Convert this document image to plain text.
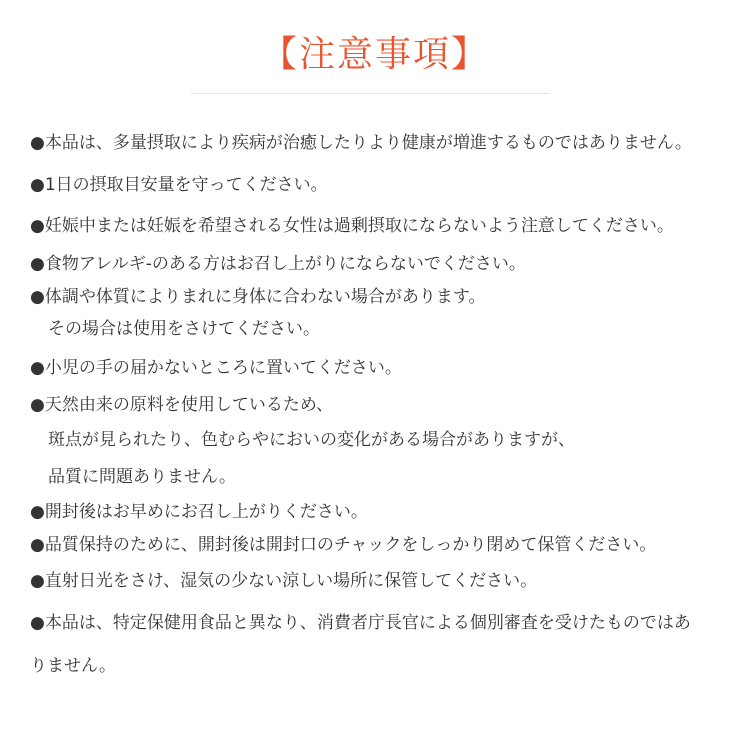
【注意事項】
●本品は、多量摂取により疾病が治癒したりより健康が増進するものではありません。
●1日の摂取目安量を守ってください。
●妊娠中または妊娠を希望される女性は過剰摂取にならないよう注意してください。
●食物アレルギ-のある方はお召し上がりにならないでください。
●体調や体質によりまれに身体に合わない場合があります。
その場合は使用をさけてください。
●小児の手の届かないところに置いてください。
●天然由来の原料を使用しているため、
斑点が見られたり、色むらやにおいの変化がある場合がありますが、
品質に問題ありません。
●開封後はお早めにお召し上がりください。
●品質保持のために、開封後は開封口のチャックをしっかり閉めて保管ください。
●直射日光をさけ、湿気の少ない涼しい場所に保管してください。
●本品は、特定保健用食品と異なり、消費者庁長官による個別審査を受けたものではあ
りません。
